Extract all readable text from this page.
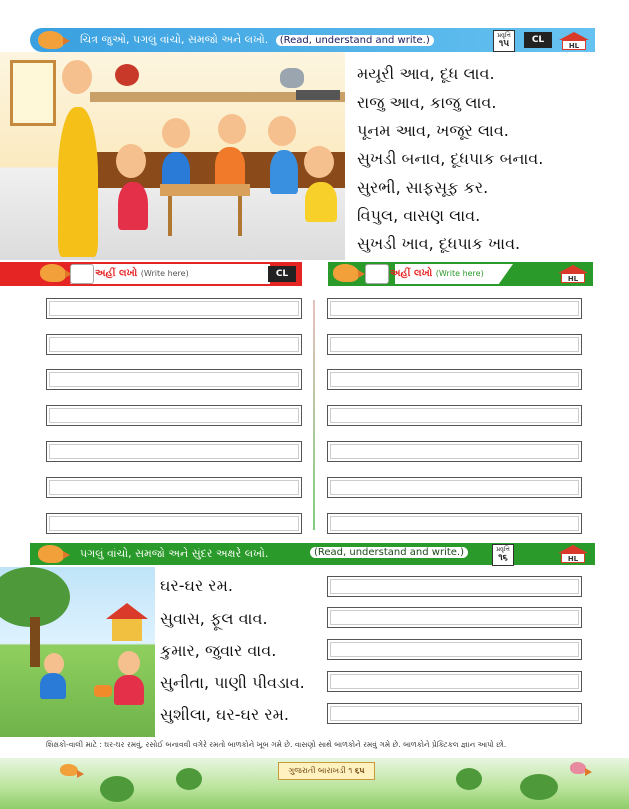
ચિત્ર જુઓ, પગલું વાંચો, સમજો અને લખો. (Read, understand and write.)	પ્રવૃત્તિ
૧૫	CL
HL
મયૂરી આવ, દૂધ લાવ.
રાજુ આવ, કાજુ લાવ.
પૂનમ આવ, ખજૂર લાવ.
સુખડી બનાવ, દૂધપાક બનાવ.
સુરભી, સાફસૂફ કર.
વિપુલ, વાસણ લાવ.
સુખડી ખાવ, દૂધપાક ખાવ.
અહીં લખો (Write here)	CL	અહીં લખો (Write here)
HL
પગલું વાંચો, સમજો અને સુંદર અક્ષરે લખો.	(Read, understand and write.)	પ્રવૃત્તિ
૧૬	HL
ઘર-ઘર રમ.
સુવાસ, ફૂલ વાવ.
કુમાર, જુવાર વાવ.
સુનીતા, પાણી પીવડાવ.
સુશીલા, ઘર-ઘર રમ.
શિક્ષકો-વાલી માટે : ઘર-ઘર રમવું, રસોઈ બનાવવી વગેરે રમતો બાળકોને ખૂબ ગમે છે. વાસણો સાથે બાળકોને રમવું ગમે છે. બાળકોને પ્રેક્ટિકલ જ્ઞાન આપો છો.
ગુજરાતી બારાખડી ૧ ૬૫
